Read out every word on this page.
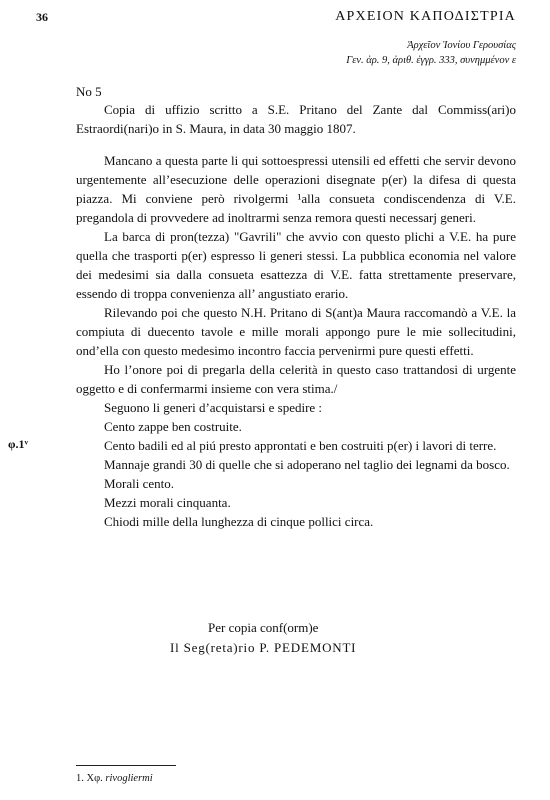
36	ΑΡΧΕΙΟΝ ΚΑΠΟΔΙΣΤΡΙΑ
Ἀρχεῖον Ἰονίου Γερουσίας
Γεν. ἀρ. 9, ἀριθ. ἐγγρ. 333, συνημμένον ε
No 5

Copia di uffizio scritto a S.E. Pritano del Zante dal Commiss(ari)o Estraordi(nari)o in S. Maura, in data 30 maggio 1807.

Mancano a questa parte li qui sottoespressi utensili ed effetti che servir devono urgentemente all’esecuzione delle operazioni disegnate p(er) la difesa di questa piazza. Mi conviene però rivolgermi ¹alla consueta condiscendenza di V.E. pregandola di provvedere ad inoltrarmi senza remora questi necessarj generi.

La barca di pron(tezza) "Gavrili" che avvio con questo plichi a V.E. ha pure quella che trasporti p(er) espresso li generi stessi. La pubblica economia nel valore dei medesimi sia dalla consueta esattezza di V.E. fatta strettamente preservare, essendo di troppa convenienza all’ angustiato erario.

Rilevando poi che questo N.H. Pritano di S(ant)a Maura raccomandò a V.E. la compiuta di duecento tavole e mille morali appongo pure le mie sollecitudini, ond’ella con questo medesimo incontro faccia pervenirmi pure questi effetti.

Ho l’onore poi di pregarla della celerità in questo caso trattandosi di urgente oggetto e di confermarmi insieme con vera stima./

Seguono li generi d’acquistarsi e spedire :
Cento zappe ben costruite.
Cento badili ed al piú presto approntati e ben costruiti p(er) i lavori di terre.
Mannaje grandi 30 di quelle che si adoperano nel taglio dei legnami da bosco.
Morali cento.
Mezzi morali cinquanta.
Chiodi mille della lunghezza di cinque pollici circa.
φ.1ᵛ
Per copia conf(orm)e
Il Seg(reta)rio P. PEDEMONTI
1. Χφ. rivogliermi
